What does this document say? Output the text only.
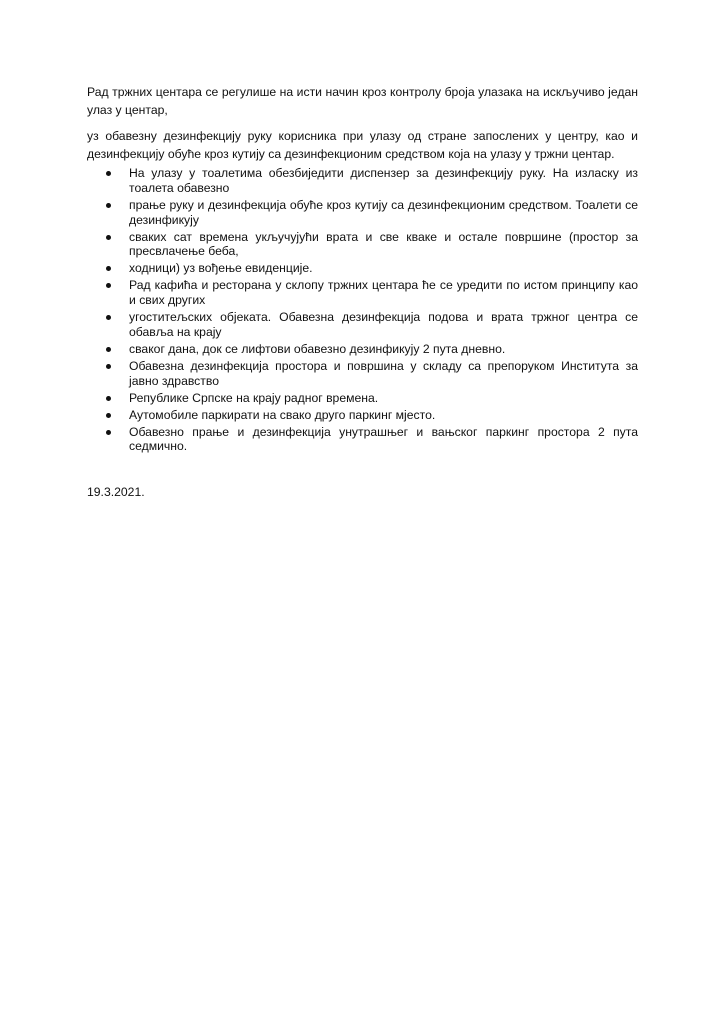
Рад тржних центара се регулише на исти начин кроз контролу броја улазака на искључиво један улаз у центар,

уз обавезну дезинфекцију руку корисника при улазу од стране запослених у центру, као и дезинфекцију обуће кроз кутију са дезинфекционим средством која на улазу у тржни центар.

На улазу у тоалетима обезбиједити диспензер за дезинфекцију руку. На изласку из тоалета обавезно
прање руку и дезинфекција обуће кроз кутију са дезинфекционим средством. Тоалети се дезинфикују
сваких сат времена укључујући врата и све кваке и остале површине (простор за пресвлачење беба,
ходници) уз вођење евиденције.
Рад кафића и ресторана у склопу тржних центара ће се уредити по истом принципу као и свих других
угоститељских објеката. Обавезна дезинфекција подова и врата тржног центра се обавља на крају
сваког дана, док се лифтови обавезно дезинфикују 2 пута дневно.
Обавезна дезинфекција простора и површина у складу са препоруком Института за јавно здравство
Републике Српске на крају радног времена.
Аутомобиле паркирати на свако друго паркинг мјесто.
Обавезно прање и дезинфекција унутрашњег и вањског паркинг простора 2 пута седмично.

19.3.2021.
